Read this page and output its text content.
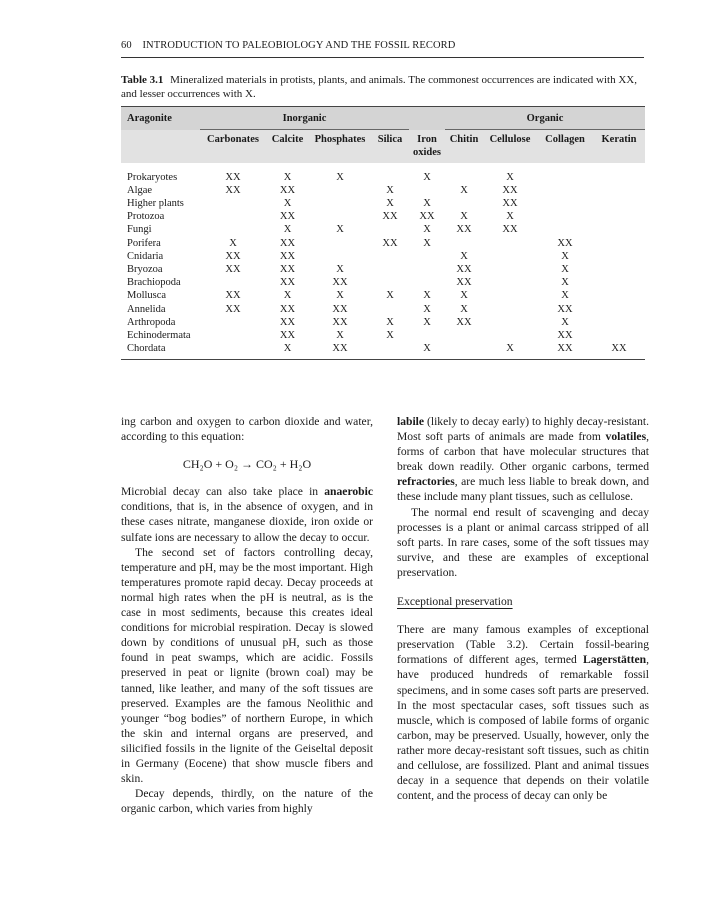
60 INTRODUCTION TO PALEOBIOLOGY AND THE FOSSIL RECORD
Table 3.1 Mineralized materials in protists, plants, and animals. The commonest occurrences are indicated with XX, and lesser occurrences with X.
Aragonite	Inorganic					Organic			
	Carbonates	Calcite	Phosphates	Silica	Iron oxides	Chitin	Cellulose	Collagen	Keratin

Prokaryotes	XX	X	X		X		X		
Algae	XX	XX		X		X	XX		
Higher plants		X		X	X		XX		
Protozoa		XX		XX	XX	X	X		
Fungi		X	X		X	XX	XX		
Porifera	X	XX		XX	X			XX	
Cnidaria	XX	XX				X		X	
Bryozoa	XX	XX	X			XX		X	
Brachiopoda		XX	XX			XX		X	
Mollusca	XX	X	X	X	X	X		X	
Annelida	XX	XX	XX		X	X		XX	
Arthropoda		XX	XX	X	X	XX		X	
Echinodermata		XX	X	X				XX	
Chordata		X	XX		X		X	XX	XX

ing carbon and oxygen to carbon dioxide and water, according to this equation:

CH₂O + O₂ → CO₂ + H₂O

Microbial decay can also take place in anaerobic conditions, that is, in the absence of oxygen, and in these cases nitrate, manganese dioxide, iron oxide or sulfate ions are necessary to allow the decay to occur.

The second set of factors controlling decay, temperature and pH, may be the most important. High temperatures promote rapid decay. Decay proceeds at normal high rates when the pH is neutral, as is the case in most sediments, because this creates ideal conditions for microbial respiration. Decay is slowed down by conditions of unusual pH, such as those found in peat swamps, which are acidic. Fossils preserved in peat or lignite (brown coal) may be tanned, like leather, and many of the soft tissues are preserved. Examples are the famous Neolithic and younger “bog bodies” of northern Europe, in which the skin and internal organs are preserved, and silicified fossils in the lignite of the Geiseltal deposit in Germany (Eocene) that show muscle fibers and skin.

Decay depends, thirdly, on the nature of the organic carbon, which varies from highly

labile (likely to decay early) to highly decay-resistant. Most soft parts of animals are made from volatiles, forms of carbon that have molecular structures that break down readily. Other organic carbons, termed refractories, are much less liable to break down, and these include many plant tissues, such as cellulose.

The normal end result of scavenging and decay processes is a plant or animal carcass stripped of all soft parts. In rare cases, some of the soft tissues may survive, and these are examples of exceptional preservation.

Exceptional preservation

There are many famous examples of exceptional preservation (Table 3.2). Certain fossil-bearing formations of different ages, termed Lagerstätten, have produced hundreds of remarkable fossil specimens, and in some cases soft parts are preserved. In the most spectacular cases, soft tissues such as muscle, which is composed of labile forms of organic carbon, may be preserved. Usually, however, only the rather more decay-resistant soft tissues, such as chitin and cellulose, are fossilized. Plant and animal tissues decay in a sequence that depends on their volatile content, and the process of decay can only be
